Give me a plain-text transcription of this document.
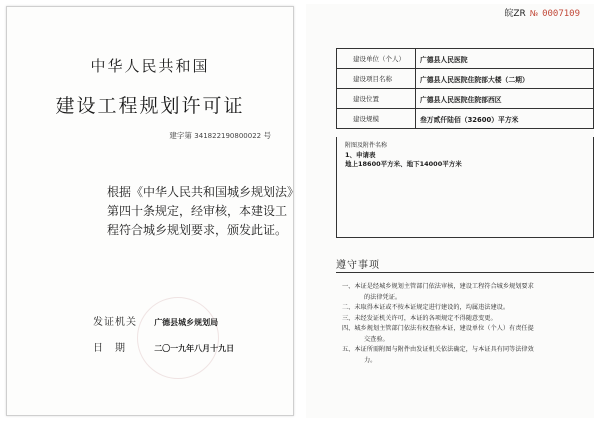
中华人民共和国
建设工程规划许可证
建字第 341822190800022 号
根据《中华人民共和国城乡规划法》第四十条规定，经审核，本建设工程符合城乡规划要求，颁发此证。
发证机关 广德县城乡规划局
日　期	二〇一九年八月十九日
皖ZR № 0007109
建设单位（个人）	广德县人民医院
建设项目名称	广德县人民医院住院部大楼（二期）
建设位置	广德县人民医院住院部西区
建设规模	叁万贰仟陆佰（32600）平方米
附图及附件名称
1、申请表
地上18600平方米、地下14000平方米
遵守事项
一、本证是经城乡规划主管部门依法审核，建设工程符合城乡规划要求
的法律凭证。
二、未取得本证或不按本证规定进行建设的，均属违法建设。
三、未经发证机关许可，本证的各项规定不得随意变更。
四、城乡规划主管部门依法有权查验本证，建设单位（个人）有责任提
交查验。
五、本证所需附图与附件由发证机关依法确定，与本证具有同等法律效
力。
